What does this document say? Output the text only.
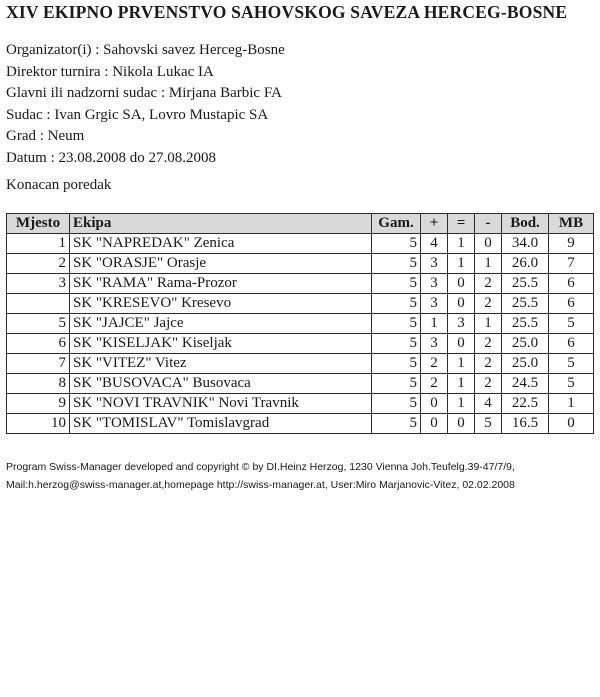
XIV EKIPNO PRVENSTVO SAHOVSKOG SAVEZA HERCEG-BOSNE
Organizator(i) : Sahovski savez Herceg-Bosne
Direktor turnira : Nikola Lukac IA
Glavni ili nadzorni sudac : Mirjana Barbic FA
Sudac : Ivan Grgic SA, Lovro Mustapic SA
Grad : Neum
Datum : 23.08.2008 do 27.08.2008
Konacan poredak
Mjesto	Ekipa	Gam.	+	=	-	Bod.	MB
1	SK "NAPREDAK" Zenica	5	4	1	0	34.0	9
2	SK "ORASJE" Orasje	5	3	1	1	26.0	7
3	SK "RAMA" Rama-Prozor	5	3	0	2	25.5	6
	SK "KRESEVO" Kresevo	5	3	0	2	25.5	6
5	SK "JAJCE" Jajce	5	1	3	1	25.5	5
6	SK "KISELJAK" Kiseljak	5	3	0	2	25.0	6
7	SK "VITEZ" Vitez	5	2	1	2	25.0	5
8	SK "BUSOVACA" Busovaca	5	2	1	2	24.5	5
9	SK "NOVI TRAVNIK" Novi Travnik	5	0	1	4	22.5	1
10	SK "TOMISLAV" Tomislavgrad	5	0	0	5	16.5	0
Program Swiss-Manager developed and copyright © by DI.Heinz Herzog, 1230 Vienna Joh.Teufelg.39-47/7/9,
Mail:h.herzog@swiss-manager.at,homepage http://swiss-manager.at, User:Miro Marjanovic-Vitez, 02.02.2008
